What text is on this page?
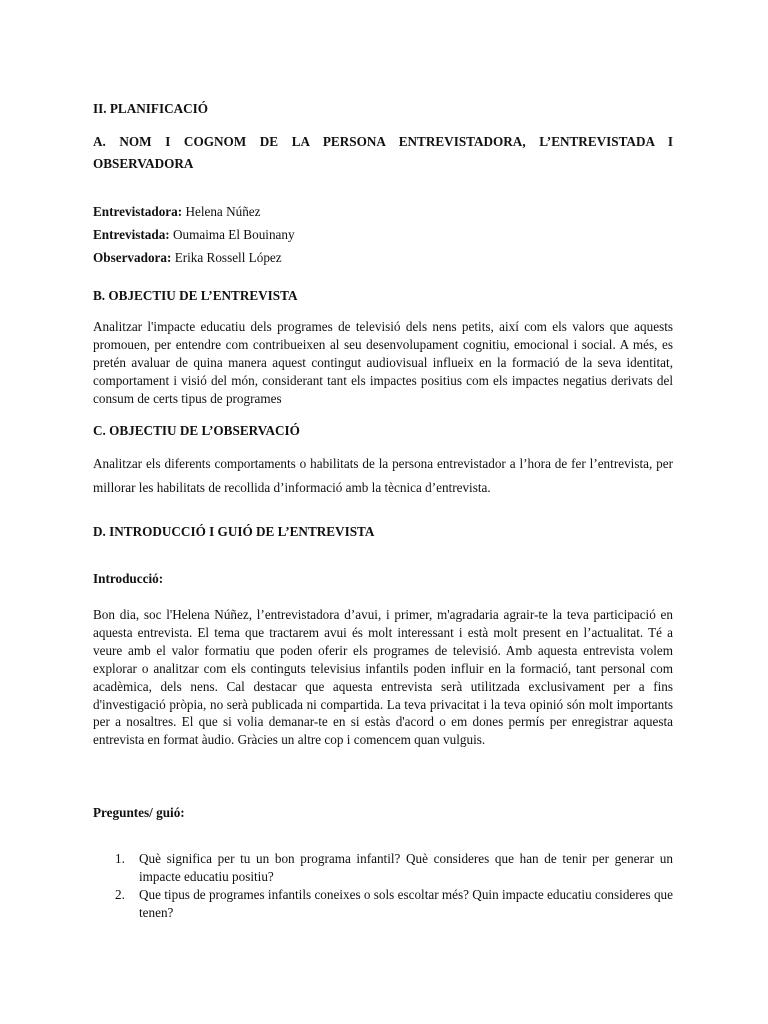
II. PLANIFICACIÓ
A. NOM I COGNOM DE LA PERSONA ENTREVISTADORA, L’ENTREVISTADA I OBSERVADORA
Entrevistadora: Helena Núñez
Entrevistada: Oumaima El Bouinany
Observadora: Erika Rossell López
B. OBJECTIU DE L’ENTREVISTA
Analitzar l'impacte educatiu dels programes de televisió dels nens petits, així com els valors que aquests promouen, per entendre com contribueixen al seu desenvolupament cognitiu, emocional i social. A més, es pretén avaluar de quina manera aquest contingut audiovisual influeix en la formació de la seva identitat, comportament i visió del món, considerant tant els impactes positius com els impactes negatius derivats del consum de certs tipus de programes
C. OBJECTIU DE L’OBSERVACIÓ
Analitzar els diferents comportaments o habilitats de la persona entrevistador a l’hora de fer l’entrevista, per millorar les habilitats de recollida d’informació amb la tècnica d’entrevista.
D. INTRODUCCIÓ I GUIÓ DE L’ENTREVISTA
Introducció:
Bon dia, soc l'Helena Núñez, l’entrevistadora d’avui, i primer, m'agradaria agrair-te la teva participació en aquesta entrevista. El tema que tractarem avui és molt interessant i està molt present en l’actualitat. Té a veure amb el valor formatiu que poden oferir els programes de televisió. Amb aquesta entrevista volem explorar o analitzar com els continguts televisius infantils poden influir en la formació, tant personal com acadèmica, dels nens. Cal destacar que aquesta entrevista serà utilitzada exclusivament per a fins d'investigació pròpia, no serà publicada ni compartida. La teva privacitat i la teva opinió són molt importants per a nosaltres. El que si volia demanar-te en si estàs d'acord o em dones permís per enregistrar aquesta entrevista en format àudio. Gràcies un altre cop i comencem quan vulguis.
Preguntes/ guió:
1. Què significa per tu un bon programa infantil? Què consideres que han de tenir per generar un impacte educatiu positiu?
2. Que tipus de programes infantils coneixes o sols escoltar més? Quin impacte educatiu consideres que tenen?
